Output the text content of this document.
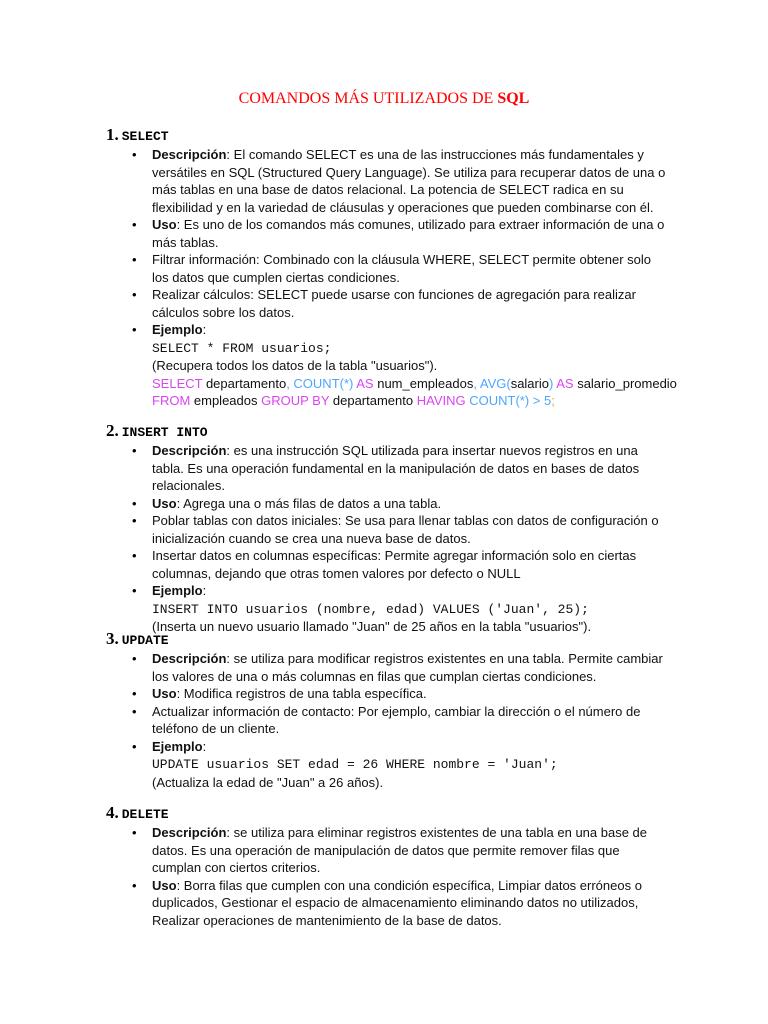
COMANDOS MÁS UTILIZADOS DE SQL
1. SELECT
• Descripción: El comando SELECT es una de las instrucciones más fundamentales y versátiles en SQL (Structured Query Language). Se utiliza para recuperar datos de una o más tablas en una base de datos relacional. La potencia de SELECT radica en su flexibilidad y en la variedad de cláusulas y operaciones que pueden combinarse con él.
• Uso: Es uno de los comandos más comunes, utilizado para extraer información de una o más tablas.
• Filtrar información: Combinado con la cláusula WHERE, SELECT permite obtener solo los datos que cumplen ciertas condiciones.
• Realizar cálculos: SELECT puede usarse con funciones de agregación para realizar cálculos sobre los datos.
• Ejemplo:
SELECT * FROM usuarios;
(Recupera todos los datos de la tabla "usuarios").
SELECT departamento, COUNT(*) AS num_empleados, AVG(salario) AS salario_promedio
FROM empleados GROUP BY departamento HAVING COUNT(*) > 5;
2. INSERT INTO
• Descripción: es una instrucción SQL utilizada para insertar nuevos registros en una tabla. Es una operación fundamental en la manipulación de datos en bases de datos relacionales.
• Uso: Agrega una o más filas de datos a una tabla.
• Poblar tablas con datos iniciales: Se usa para llenar tablas con datos de configuración o inicialización cuando se crea una nueva base de datos.
• Insertar datos en columnas específicas: Permite agregar información solo en ciertas columnas, dejando que otras tomen valores por defecto o NULL
• Ejemplo:
INSERT INTO usuarios (nombre, edad) VALUES ('Juan', 25);
(Inserta un nuevo usuario llamado "Juan" de 25 años en la tabla "usuarios").
3. UPDATE
• Descripción: se utiliza para modificar registros existentes en una tabla. Permite cambiar los valores de una o más columnas en filas que cumplan ciertas condiciones.
• Uso: Modifica registros de una tabla específica.
• Actualizar información de contacto: Por ejemplo, cambiar la dirección o el número de teléfono de un cliente.
• Ejemplo:
UPDATE usuarios SET edad = 26 WHERE nombre = 'Juan';
(Actualiza la edad de "Juan" a 26 años).
4. DELETE
• Descripción: se utiliza para eliminar registros existentes de una tabla en una base de datos. Es una operación de manipulación de datos que permite remover filas que cumplan con ciertos criterios.
• Uso: Borra filas que cumplen con una condición específica, Limpiar datos erróneos o duplicados, Gestionar el espacio de almacenamiento eliminando datos no utilizados, Realizar operaciones de mantenimiento de la base de datos.
